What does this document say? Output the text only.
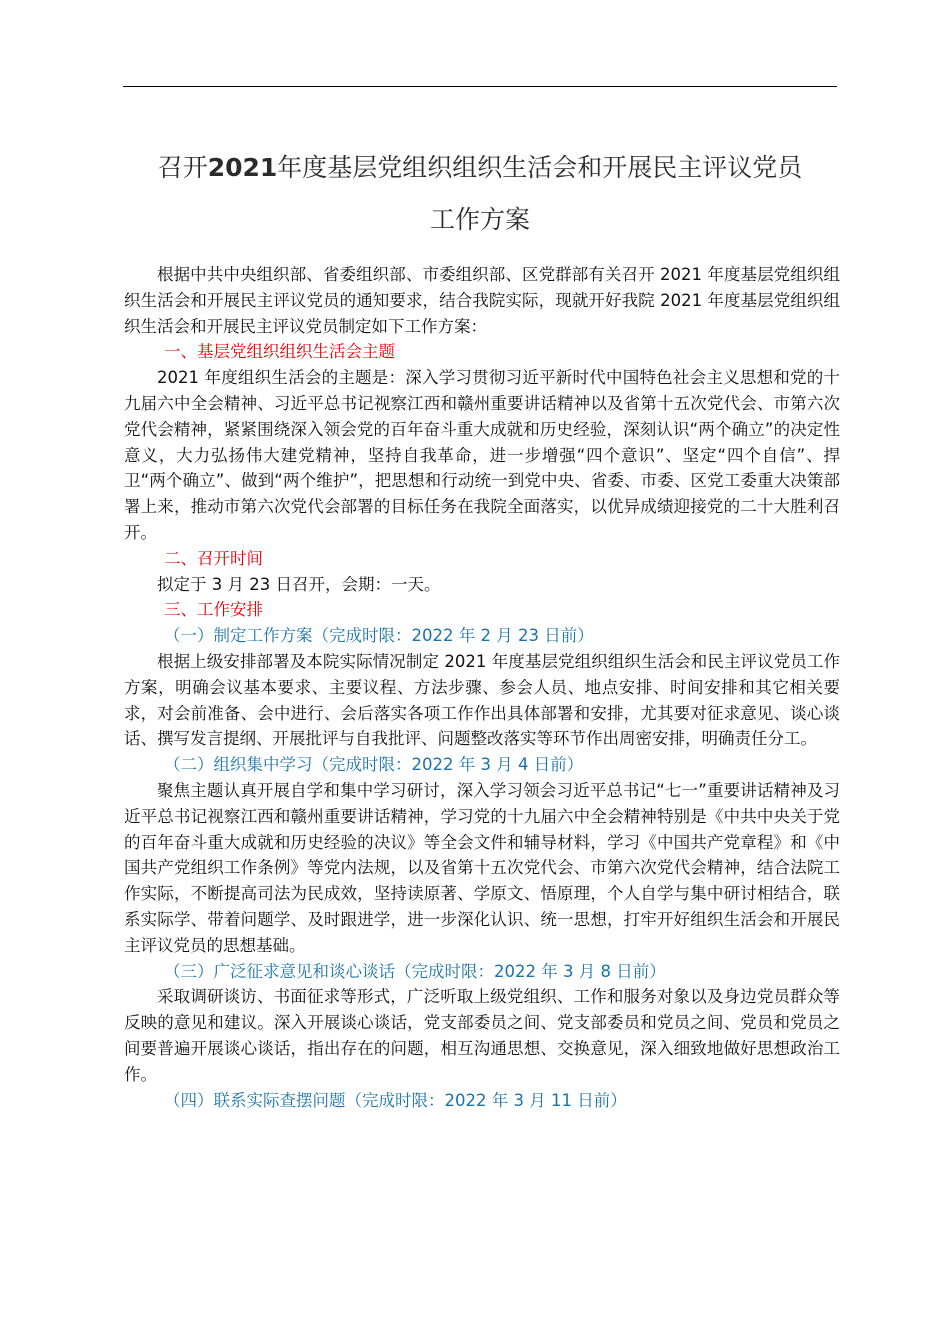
召开2021年度基层党组织组织生活会和开展民主评议党员
工作方案

根据中共中央组织部、省委组织部、市委组织部、区党群部有关召开 2021 年度基层党组织组织生活会和开展民主评议党员的通知要求，结合我院实际，现就开好我院 2021 年度基层党组织组织生活会和开展民主评议党员制定如下工作方案：

一、基层党组织组织生活会主题

2021 年度组织生活会的主题是：深入学习贯彻习近平新时代中国特色社会主义思想和党的十九届六中全会精神、习近平总书记视察江西和赣州重要讲话精神以及省第十五次党代会、市第六次党代会精神，紧紧围绕深入领会党的百年奋斗重大成就和历史经验，深刻认识“两个确立”的决定性意义，大力弘扬伟大建党精神，坚持自我革命，进一步增强“四个意识”、坚定“四个自信”、捍卫“两个确立”、做到“两个维护”，把思想和行动统一到党中央、省委、市委、区党工委重大决策部署上来，推动市第六次党代会部署的目标任务在我院全面落实，以优异成绩迎接党的二十大胜利召开。

二、召开时间

拟定于 3 月 23 日召开，会期：一天。

三、工作安排

（一）制定工作方案（完成时限：2022 年 2 月 23 日前）

根据上级安排部署及本院实际情况制定 2021 年度基层党组织组织生活会和民主评议党员工作方案，明确会议基本要求、主要议程、方法步骤、参会人员、地点安排、时间安排和其它相关要求，对会前准备、会中进行、会后落实各项工作作出具体部署和安排，尤其要对征求意见、谈心谈话、撰写发言提纲、开展批评与自我批评、问题整改落实等环节作出周密安排，明确责任分工。

（二）组织集中学习（完成时限：2022 年 3 月 4 日前）

聚焦主题认真开展自学和集中学习研讨，深入学习领会习近平总书记“七一”重要讲话精神及习近平总书记视察江西和赣州重要讲话精神，学习党的十九届六中全会精神特别是《中共中央关于党的百年奋斗重大成就和历史经验的决议》等全会文件和辅导材料，学习《中国共产党章程》和《中国共产党组织工作条例》等党内法规，以及省第十五次党代会、市第六次党代会精神，结合法院工作实际，不断提高司法为民成效，坚持读原著、学原文、悟原理，个人自学与集中研讨相结合，联系实际学、带着问题学、及时跟进学，进一步深化认识、统一思想，打牢开好组织生活会和开展民主评议党员的思想基础。

（三）广泛征求意见和谈心谈话（完成时限：2022 年 3 月 8 日前）

采取调研谈访、书面征求等形式，广泛听取上级党组织、工作和服务对象以及身边党员群众等反映的意见和建议。深入开展谈心谈话，党支部委员之间、党支部委员和党员之间、党员和党员之间要普遍开展谈心谈话，指出存在的问题，相互沟通思想、交换意见，深入细致地做好思想政治工作。

（四）联系实际查摆问题（完成时限：2022 年 3 月 11 日前）
